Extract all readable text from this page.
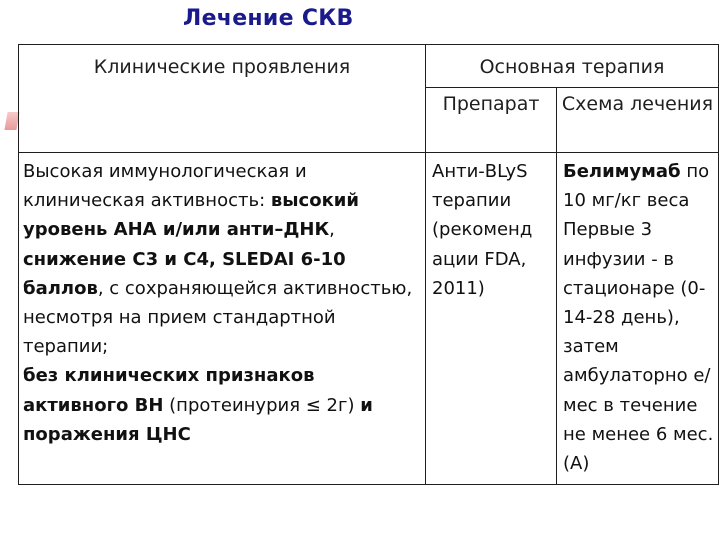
Лечение СКВ
Клинические проявления	Основная терапия	
	Препарат	Схема лечения
Высокая иммунологическая и клиническая активность: высокий уровень АНА и/или анти–ДНК, снижение С3 и С4, SLEDAI 6-10 баллов, с сохраняющейся активностью, несмотря на прием стандартной терапии;
без клинических признаков активного ВН (протеинурия ≤ 2г) и поражения ЦНС	Анти-BLyS терапии (рекоменд ации FDA, 2011)	Белимумаб по 10 мг/кг веса Первые 3 инфузии - в стационаре (0-14-28 день), затем амбулаторно е/мес в течение не менее 6 мес. (А)
